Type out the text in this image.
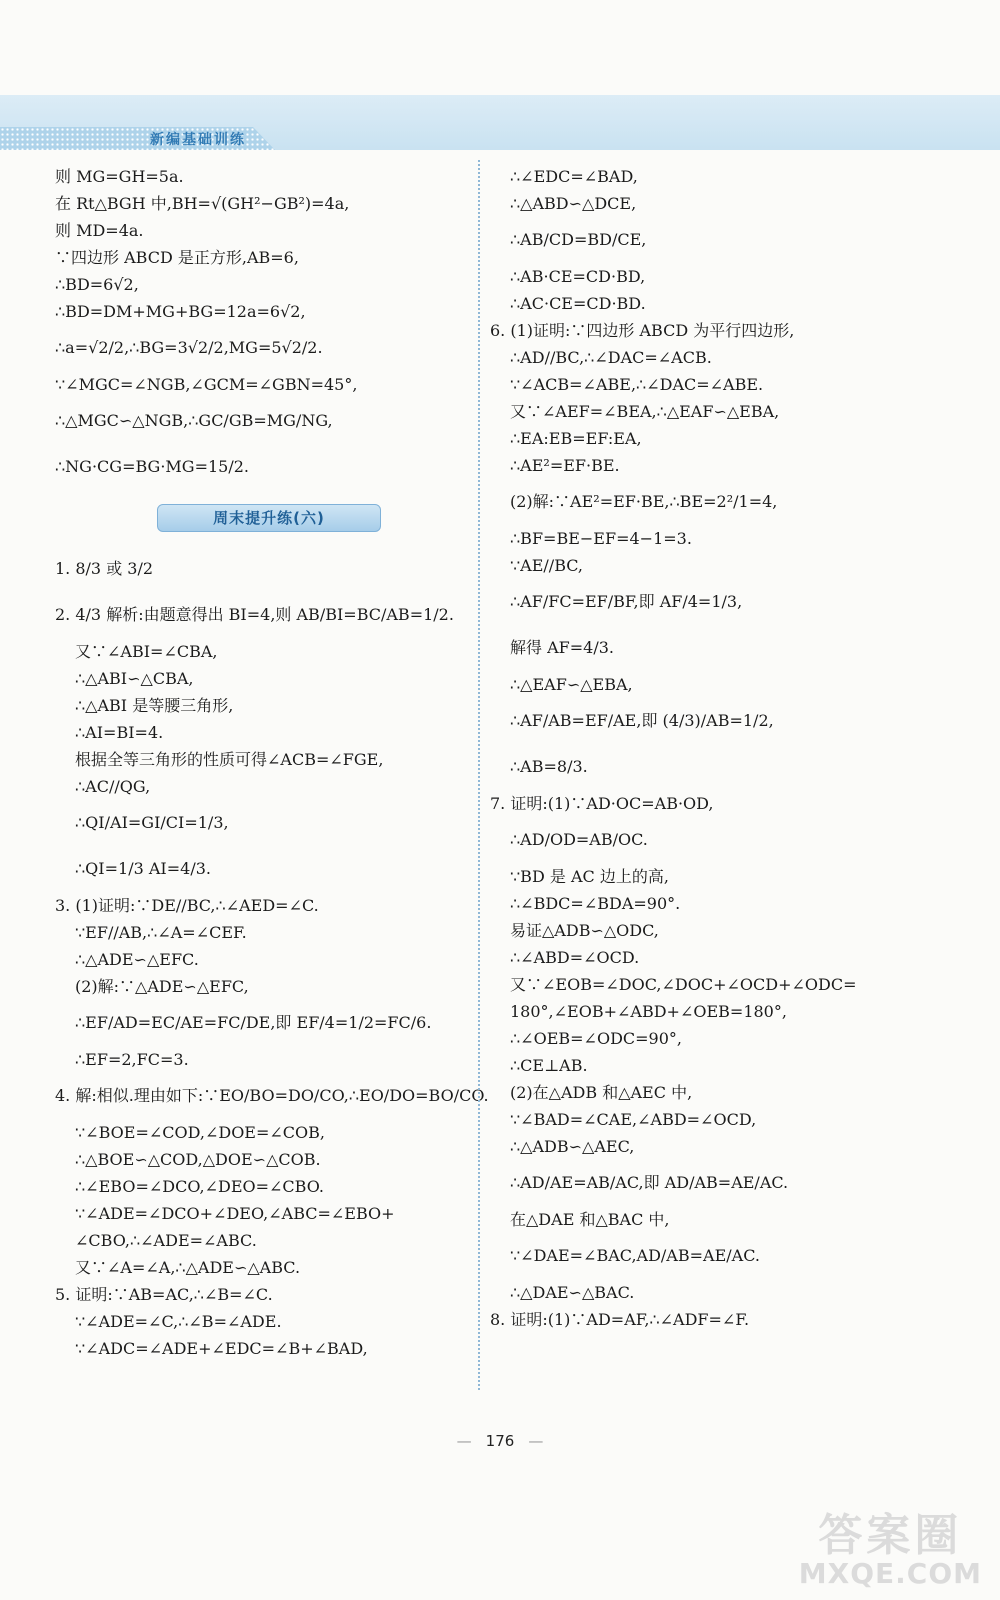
新编基础训练
则 MG=GH=5a.
在 Rt△BGH 中,BH=√(GH²−GB²)=4a,
则 MD=4a.
∵四边形 ABCD 是正方形,AB=6,
∴BD=6√2,
∴BD=DM+MG+BG=12a=6√2,
∴a=√2/2,∴BG=3√2/2,MG=5√2/2.
∵∠MGC=∠NGB,∠GCM=∠GBN=45°,
∴△MGC∽△NGB,∴GC/GB=MG/NG,
∴NG·CG=BG·MG=15/2.
周末提升练(六)
1. 8/3 或 3/2
2. 4/3 解析:由题意得出 BI=4,则 AB/BI=BC/AB=1/2.
又∵∠ABI=∠CBA,
∴△ABI∽△CBA,
∴△ABI 是等腰三角形,
∴AI=BI=4.
根据全等三角形的性质可得∠ACB=∠FGE,
∴AC//QG,
∴QI/AI=GI/CI=1/3,
∴QI=1/3 AI=4/3.
3. (1)证明:∵DE//BC,∴∠AED=∠C.
∵EF//AB,∴∠A=∠CEF.
∴△ADE∽△EFC.
(2)解:∵△ADE∽△EFC,
∴EF/AD=EC/AE=FC/DE,即 EF/4=1/2=FC/6.
∴EF=2,FC=3.
4. 解:相似.理由如下:∵EO/BO=DO/CO,∴EO/DO=BO/CO.
∵∠BOE=∠COD,∠DOE=∠COB,
∴△BOE∽△COD,△DOE∽△COB.
∴∠EBO=∠DCO,∠DEO=∠CBO.
∵∠ADE=∠DCO+∠DEO,∠ABC=∠EBO+
∠CBO,∴∠ADE=∠ABC.
又∵∠A=∠A,∴△ADE∽△ABC.
5. 证明:∵AB=AC,∴∠B=∠C.
∵∠ADE=∠C,∴∠B=∠ADE.
∵∠ADC=∠ADE+∠EDC=∠B+∠BAD,
∴∠EDC=∠BAD,
∴△ABD∽△DCE,
∴AB/CD=BD/CE,
∴AB·CE=CD·BD,
∴AC·CE=CD·BD.
6. (1)证明:∵四边形 ABCD 为平行四边形,
∴AD//BC,∴∠DAC=∠ACB.
∵∠ACB=∠ABE,∴∠DAC=∠ABE.
又∵∠AEF=∠BEA,∴△EAF∽△EBA,
∴EA:EB=EF:EA,
∴AE²=EF·BE.
(2)解:∵AE²=EF·BE,∴BE=2²/1=4,
∴BF=BE−EF=4−1=3.
∵AE//BC,
∴AF/FC=EF/BF,即 AF/4=1/3,
解得 AF=4/3.
∴△EAF∽△EBA,
∴AF/AB=EF/AE,即 (4/3)/AB=1/2,
∴AB=8/3.
7. 证明:(1)∵AD·OC=AB·OD,
∴AD/OD=AB/OC.
∵BD 是 AC 边上的高,
∴∠BDC=∠BDA=90°.
易证△ADB∽△ODC,
∴∠ABD=∠OCD.
又∵∠EOB=∠DOC,∠DOC+∠OCD+∠ODC=
180°,∠EOB+∠ABD+∠OEB=180°,
∴∠OEB=∠ODC=90°,
∴CE⊥AB.
(2)在△ADB 和△AEC 中,
∵∠BAD=∠CAE,∠ABD=∠OCD,
∴△ADB∽△AEC,
∴AD/AE=AB/AC,即 AD/AB=AE/AC.
在△DAE 和△BAC 中,
∵∠DAE=∠BAC,AD/AB=AE/AC.
∴△DAE∽△BAC.
8. 证明:(1)∵AD=AF,∴∠ADF=∠F.
— 176 —
答案圈
MXQE.COM
